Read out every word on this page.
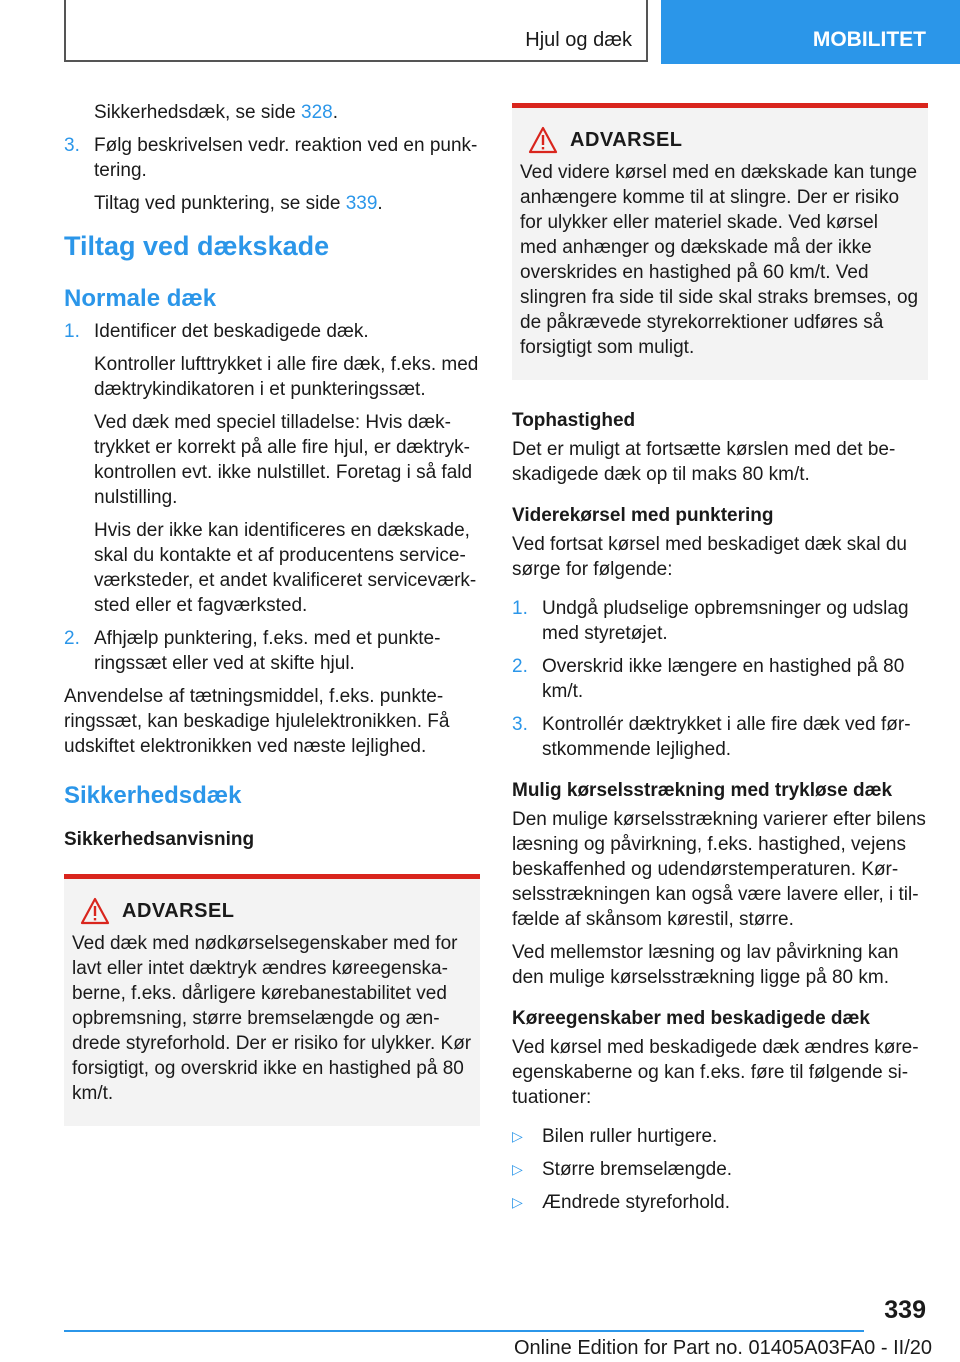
Hjul og dæk	MOBILITET

Sikkerhedsdæk, se side 328.

3. Følg beskrivelsen vedr. reaktion ved en punktering.

Tiltag ved punktering, se side 339.

Tiltag ved dækskade

Normale dæk

1. Identificer det beskadigede dæk.

Kontroller lufttrykket i alle fire dæk, f.eks. med dæktrykindikatoren i et punkteringssæt.

Ved dæk med speciel tilladelse: Hvis dæktrykket er korrekt på alle fire hjul, er dæktrykkontrollen evt. ikke nulstillet. Foretag i så fald nulstilling.

Hvis der ikke kan identificeres en dækskade, skal du kontakte et af producentens serviceværksteder, et andet kvalificeret serviceværksted eller et fagværksted.

2. Afhjælp punktering, f.eks. med et punkteringssæt eller ved at skifte hjul.

Anvendelse af tætningsmiddel, f.eks. punkteringssæt, kan beskadige hjulelektronikken. Få udskiftet elektronikken ved næste lejlighed.

Sikkerhedsdæk

Sikkerhedsanvisning

ADVARSEL

Ved dæk med nødkørselsegenskaber med for lavt eller intet dæktryk ændres køreegenskaberne, f.eks. dårligere kørebanestabilitet ved opbremsning, større bremselængde og ændrede styreforhold. Der er risiko for ulykker. Kør forsigtigt, og overskrid ikke en hastighed på 80 km/t.

ADVARSEL

Ved videre kørsel med en dækskade kan tunge anhængere komme til at slingre. Der er risiko for ulykker eller materiel skade. Ved kørsel med anhænger og dækskade må der ikke overskrides en hastighed på 60 km/t. Ved slingren fra side til side skal straks bremses, og de påkrævede styrekorrektioner udføres så forsigtigt som muligt.

Tophastighed

Det er muligt at fortsætte kørslen med det beskadigede dæk op til maks 80 km/t.

Viderekørsel med punktering

Ved fortsat kørsel med beskadiget dæk skal du sørge for følgende:

1. Undgå pludselige opbremsninger og udslag med styretøjet.

2. Overskrid ikke længere en hastighed på 80 km/t.

3. Kontrollér dæktrykket i alle fire dæk ved førstkommende lejlighed.

Mulig kørselsstrækning med trykløse dæk

Den mulige kørselsstrækning varierer efter bilens læsning og påvirkning, f.eks. hastighed, vejens beskaffenhed og udendørstemperaturen. Kørselsstrækningen kan også være lavere eller, i tilfælde af skånsom kørestil, større.

Ved mellemstor læsning og lav påvirkning kan den mulige kørselsstrækning ligge på 80 km.

Køreegenskaber med beskadigede dæk

Ved kørsel med beskadigede dæk ændres køreegenskaberne og kan f.eks. føre til følgende situationer:

▷ Bilen ruller hurtigere.

▷ Større bremselængde.

▷ Ændrede styreforhold.

339
Online Edition for Part no. 01405A03FA0 - II/20
